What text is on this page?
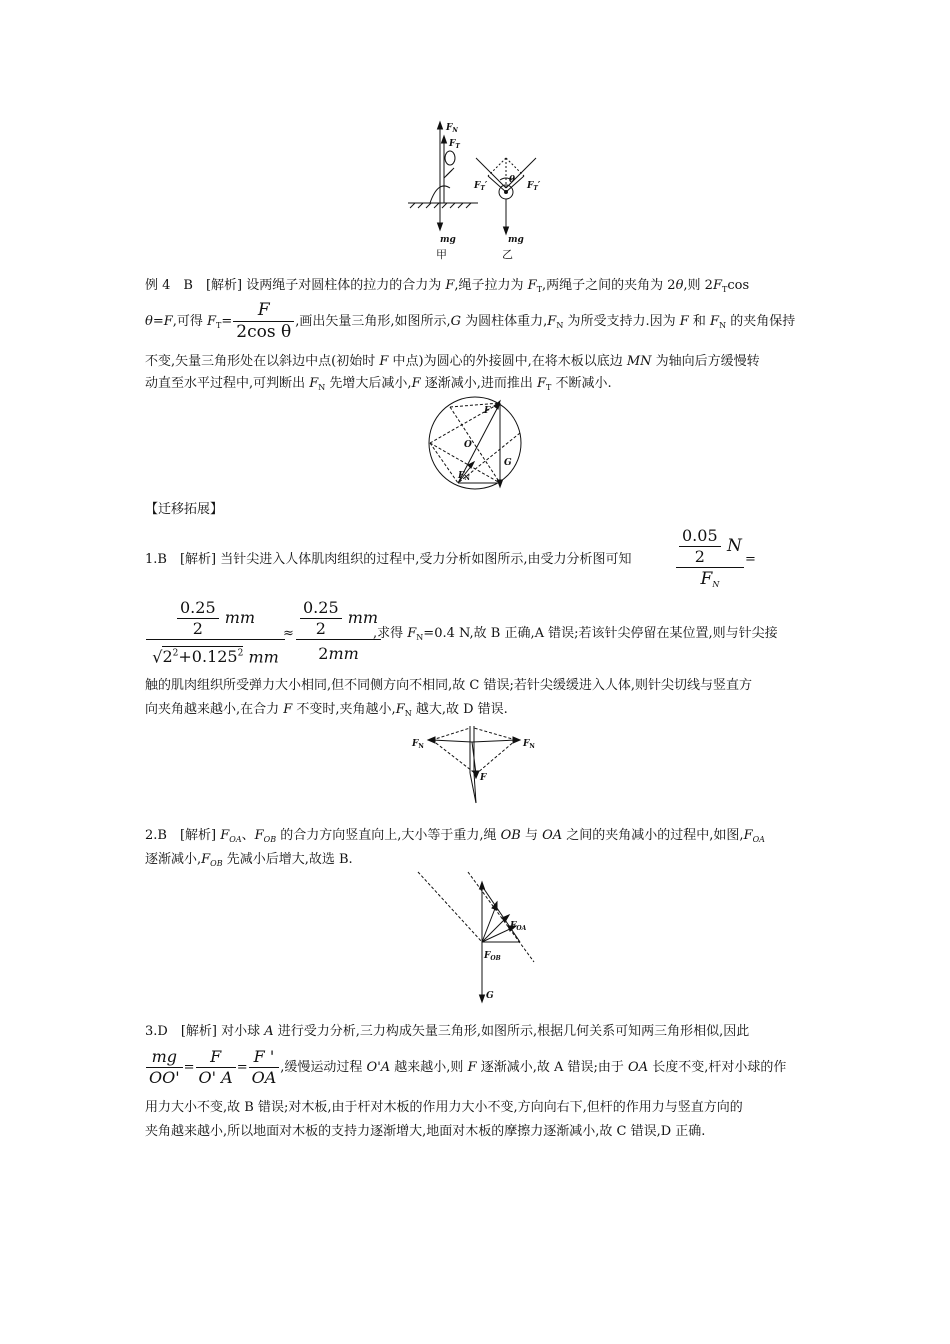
$F_N$
$F_T$
mg
甲
$F_T'$
θ
$F_T'$
mg
乙
例 4　B　[解析] 设两绳子对圆柱体的拉力的合力为 F,绳子拉力为 $F_T$,两绳子之间的夹角为 2θ,则 $2F_T\cos$
θ=F,可得 $F_T= \frac{F}{\text{2cos θ}}$ ,画出矢量三角形,如图所示,G 为圆柱体重力$,F_N$ 为所受支持力.因为 F 和 $F_N$ 的夹角保持
不变,矢量三角形处在以斜边中点(初始时 F 中点)为圆心的外接圆中,在将木板以底边 MN 为轴向后方缓慢转
动直至水平过程中,可判断出 $F_N$ 先增大后减小,F 逐渐减小,进而推出 $F_T$ 不断减小.
F
O
G
$F_N$
【迁移拓展】
1.B　[解析] 当针尖进入人体肌肉组织的过程中,受力分析如图所示,由受力分析图可知	$\frac{\frac{0.05}{2} N}{F_N}$ =
$\frac{\frac{0.25}{2} mm}{√2^2+0.125^2 mm}$
≈ $\frac{\frac{0.25}{2} mm}{2mm}$
,求得 $F_N=0.4$ N,故 B 正确,A 错误;若该针尖停留在某位置,则与针尖接
触的肌肉组织所受弹力大小相同,但不同侧方向不相同,故 C 错误;若针尖缓缓进入人体,则针尖切线与竖直方
向夹角越来越小,在合力 F 不变时,夹角越小$,F_N$ 越大,故 D 错误.
$F_N$	$F_N$
F
2.B　[解析] $F_{OA}$、$F_{OB}$ 的合力方向竖直向上,大小等于重力,绳 OB 与 OA 之间的夹角减小的过程中,如图$,F_{OA}$
逐渐减小$,F_{OB}$ 先减小后增大,故选 B.
$F_{OA}$
$F_{OB}$
G
3.D　[解析] 对小球 A 进行受力分析,三力构成矢量三角形,如图所示,根据几何关系可知两三角形相似,因此
$\frac{mg}{OO'} = \frac{F}{O' A} = \frac{F '}{OA}$ ,缓慢运动过程 O'A 越来越小,则 F 逐渐减小,故 A 错误;由于 OA 长度不变,杆对小球的作
用力大小不变,故 B 错误;对木板,由于杆对木板的作用力大小不变,方向向右下,但杆的作用力与竖直方向的
夹角越来越小,所以地面对木板的支持力逐渐增大,地面对木板的摩擦力逐渐减小,故 C 错误,D 正确.
